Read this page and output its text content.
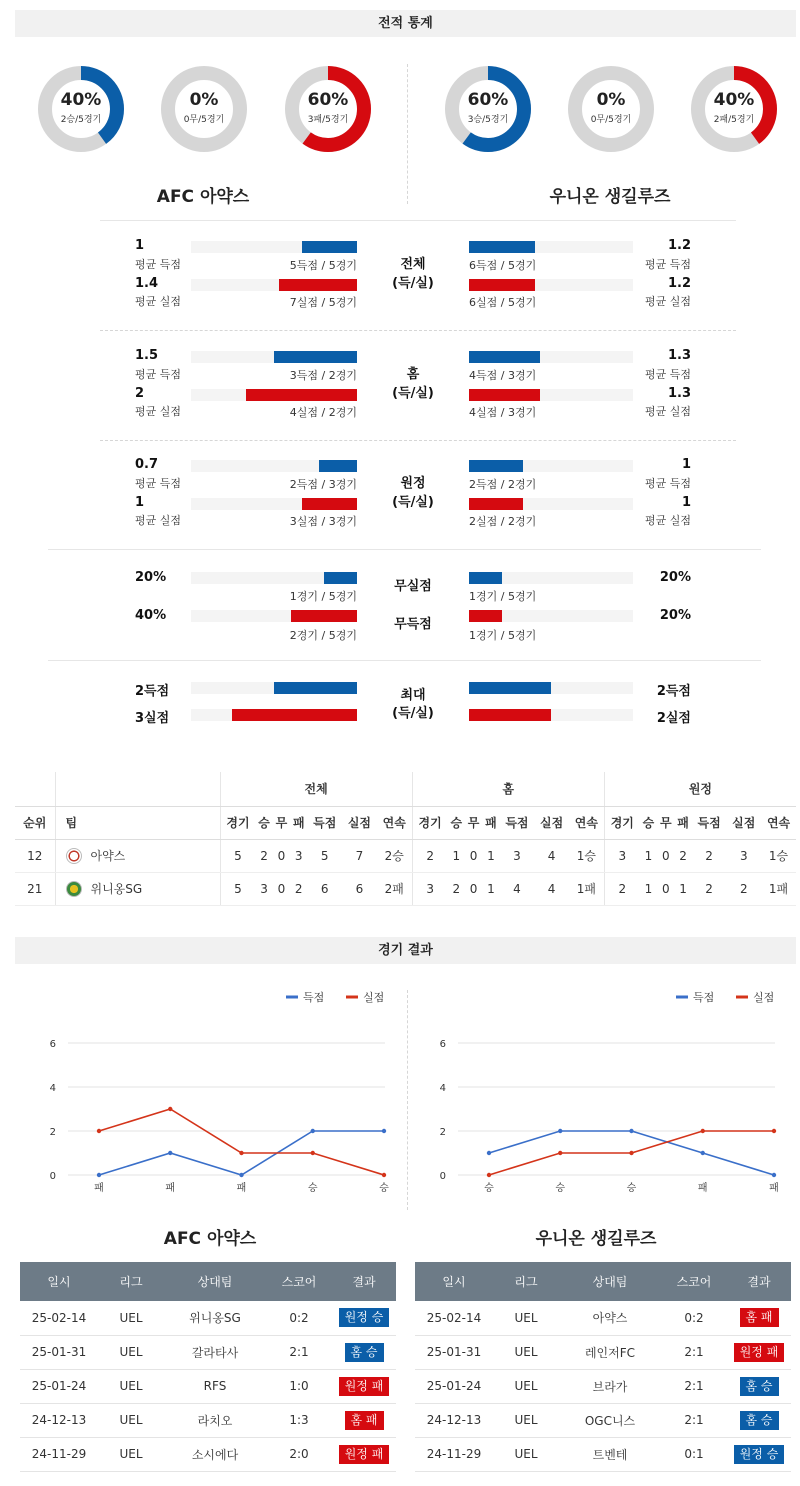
전적 통계
40%
2승/5경기
0%
0무/5경기
60%
3패/5경기
60%
3승/5경기
0%
0무/5경기
40%
2패/5경기
AFC 아약스	우니온 생길루즈
1
평균 득점
1.4
평균 실점
5득점 / 5경기
7실점 / 5경기
전체
(득/실)
6득점 / 5경기
6실점 / 5경기
1.2
평균 득점
1.2
평균 실점
1.5
평균 득점
2
평균 실점
3득점 / 2경기
4실점 / 2경기
홈
(득/실)
4득점 / 3경기
4실점 / 3경기
1.3
평균 득점
1.3
평균 실점
0.7
평균 득점
1
평균 실점
2득점 / 3경기
3실점 / 3경기
원정
(득/실)
2득점 / 2경기
2실점 / 2경기
1
평균 득점
1
평균 실점
20%
40%
1경기 / 5경기
2경기 / 5경기
무실점
무득점
1경기 / 5경기
1경기 / 5경기
20%
20%
2득점
3실점
최대
(득/실)
2득점
2실점
		전체							홈							원정						
순위	팀	경기	승	무	패	득점	실점	연속	경기	승	무	패	득점	실점	연속	경기	승	무	패	득점	실점	연속
12	아약스	5	2	0	3	5	7	2승	2	1	0	1	3	4	1승	3	1	0	2	2	3	1승
21	위니옹SG	5	3	0	2	6	6	2패	3	2	0	1	4	4	1패	2	1	0	1	2	2	1패
경기 결과
득점	실점
0
2
4
6
패	패	패	승	승
득점	실점
0
2
4
6
승	승	승	패	패
AFC 아약스	우니온 생길루즈
일시	리그	상대팀	스코어	결과
25-02-14	UEL	위니옹SG	0:2	원정 승
25-01-31	UEL	갈라타사	2:1	홈 승
25-01-24	UEL	RFS	1:0	원정 패
24-12-13	UEL	라치오	1:3	홈 패
24-11-29	UEL	소시에다	2:0	원정 패
일시	리그	상대팀	스코어	결과
25-02-14	UEL	아약스	0:2	홈 패
25-01-31	UEL	레인저FC	2:1	원정 패
25-01-24	UEL	브라가	2:1	홈 승
24-12-13	UEL	OGC니스	2:1	홈 승
24-11-29	UEL	트벤테	0:1	원정 승
